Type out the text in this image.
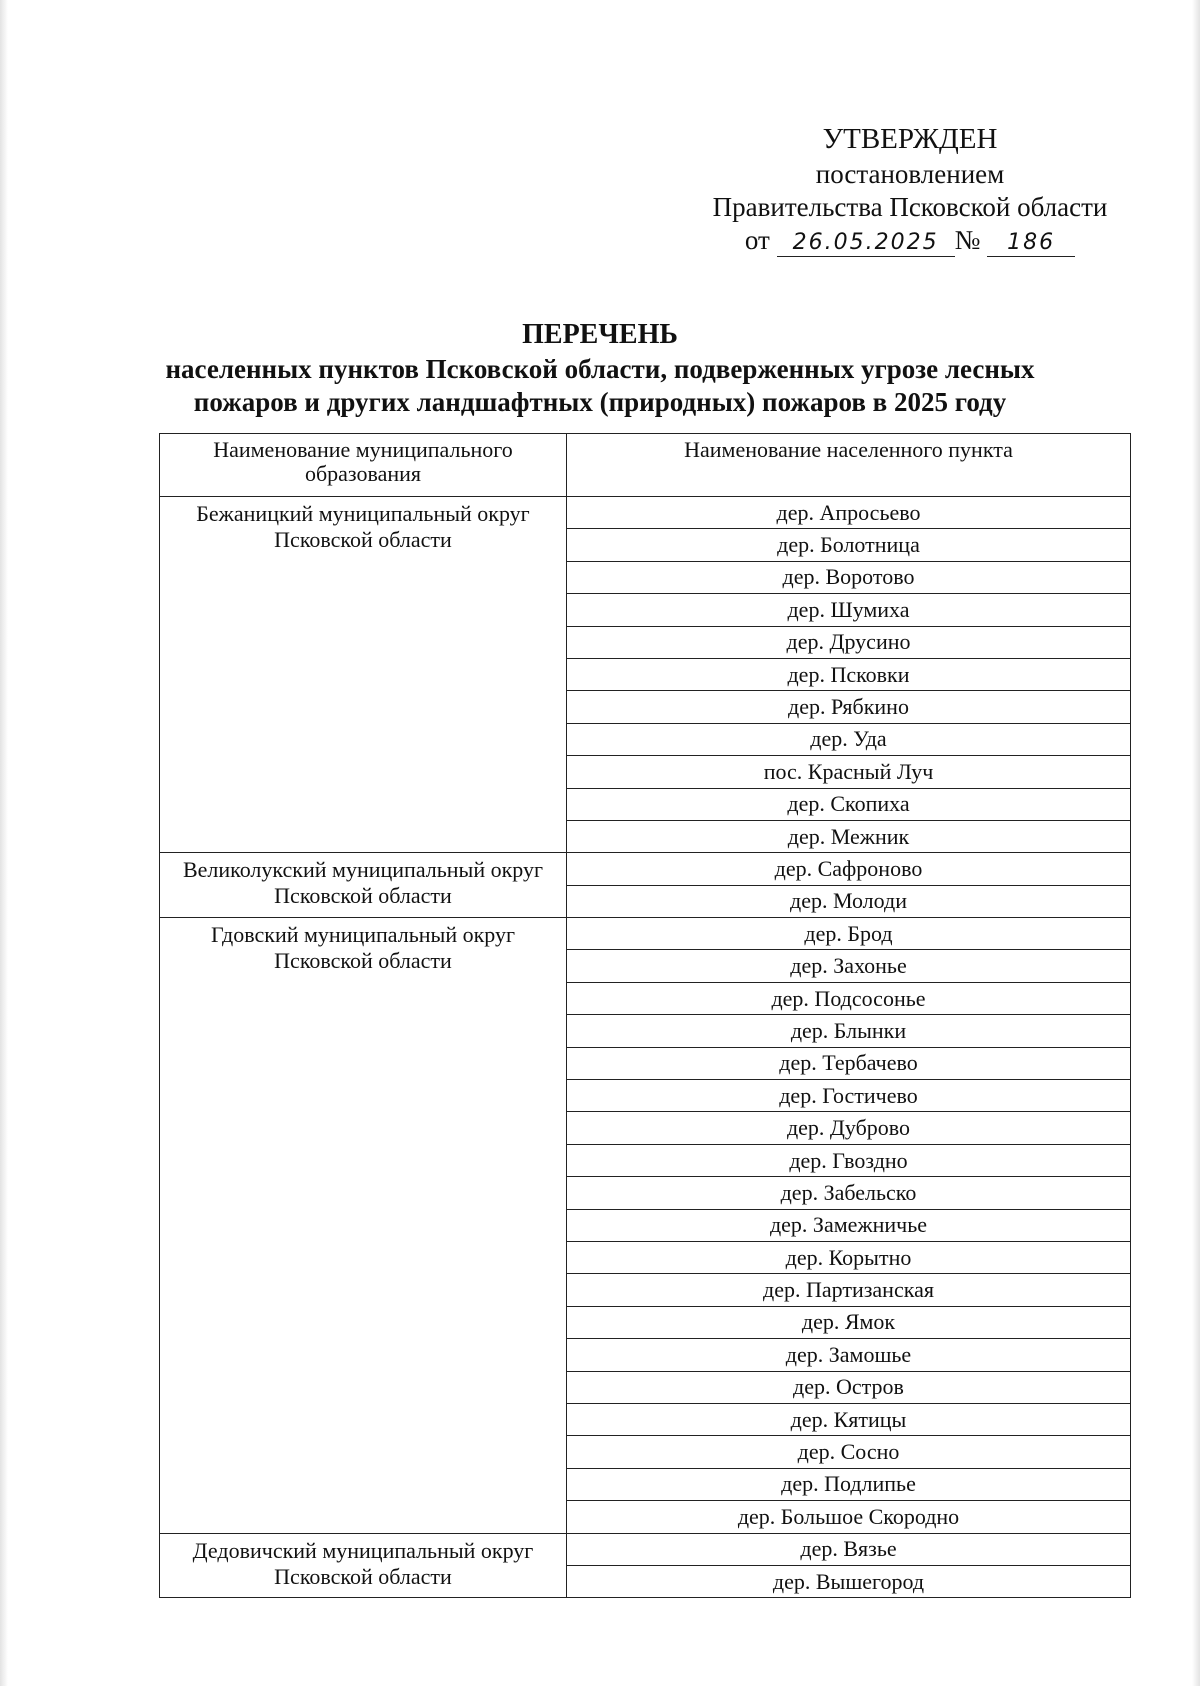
УТВЕРЖДЕН
постановлением
Правительства Псковской области
от 26.05.2025 № 186
ПЕРЕЧЕНЬ
населенных пунктов Псковской области, подверженных угрозе лесных
пожаров и других ландшафтных (природных) пожаров в 2025 году
Наименование муниципального образования	Наименование населенного пункта
Бежаницкий муниципальный округ Псковской области	дер. Апросьево
	дер. Болотница
	дер. Воротово
	дер. Шумиха
	дер. Друсино
	дер. Псковки
	дер. Рябкино
	дер. Уда
	пос. Красный Луч
	дер. Скопиха
	дер. Межник
Великолукский муниципальный округ Псковской области	дер. Сафроново
	дер. Молоди
Гдовский муниципальный округ Псковской области	дер. Брод
	дер. Захонье
	дер. Подсосонье
	дер. Блынки
	дер. Тербачево
	дер. Гостичево
	дер. Дуброво
	дер. Гвоздно
	дер. Забельско
	дер. Замежничье
	дер. Корытно
	дер. Партизанская
	дер. Ямок
	дер. Замошье
	дер. Остров
	дер. Кятицы
	дер. Сосно
	дер. Подлипье
	дер. Большое Скородно
Дедовичский муниципальный округ Псковской области	дер. Вязье
	дер. Вышегород
